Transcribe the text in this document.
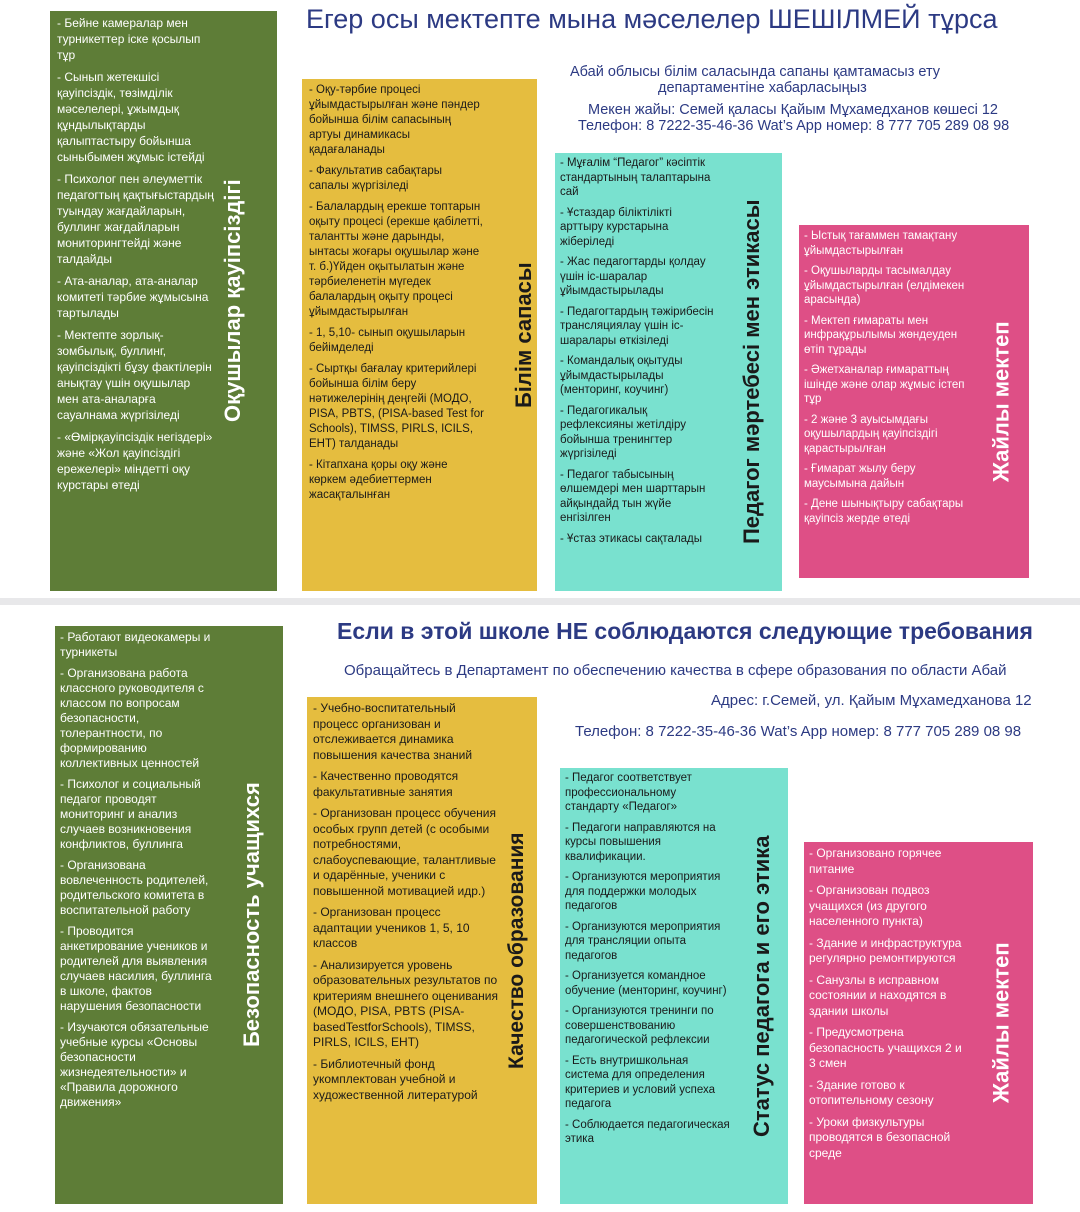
Егер осы мектепте мына мәселелер ШЕШІЛМЕЙ тұрса
Абай облысы білім саласында сапаны қамтамасыз ету
департаментіне хабарласыңыз
Мекен жайы: Семей қаласы Қайым Мұхамедханов көшесі 12
Телефон: 8 7222-35-46-36 Wat’s App номер: 8 777 705 289 08 98
- Бейне камералар мен турникеттер іске қосылып тұр
- Сынып жетекшісі қауіпсіздік, төзімділік мәселелері, ұжымдық құндылықтарды қалыптастыру бойынша сыныбымен жұмыс істейді
- Психолог пен әлеуметтік педагогтың қақтығыстардың туындау жағдайларын, буллинг жағдайларын мониторингтейді және талдайды
- Ата-аналар, ата-аналар комитеті тәрбие жұмысына тартылады
- Мектепте зорлық-зомбылық, буллинг, қауіпсіздікті бұзу фактілерін анықтау үшін оқушылар мен ата-аналарға сауалнама жүргізіледі
- «Өмірқауіпсіздік негіздері» және «Жол қауіпсіздігі ережелері» міндетті оқу курстары өтеді
Оқушылар қауіпсіздігі
- Оқу-тәрбие процесі ұйымдастырылған және пәндер бойынша білім сапасының артуы динамикасы қадағаланады
- Факультатив сабақтары сапалы жүргізіледі
- Балалардың ерекше топтарын оқыту процесі (ерекше қабілетті, талантты және дарынды, ынтасы жоғары оқушылар және т. б.)Үйден оқытылатын және тәрбиеленетін мүгедек балалардың оқыту процесі ұйымдастырылған
- 1, 5,10- сынып оқушыларын бейімделеді
- Сыртқы бағалау критерийлері бойынша білім беру нәтижелерінің деңгейі (МОДО, PISA, PBTS, (PISA-based Test for Schools), TIMSS, PIRLS, ICILS, ЕНТ) талданады
- Кітапхана қоры оқу және көркем әдебиеттермен жасақталынған
Білім сапасы
- Мұғалім “Педагог” кәсіптік стандартының талаптарына сай
- Ұстаздар біліктілікті арттыру курстарына жіберіледі
- Жас педагогтарды қолдау үшін іс-шаралар ұйымдастырылады
- Педагогтардың тәжірибесін трансляциялау үшін іс-шаралары өткізіледі
- Командалық оқытуды ұйымдастырылады (менторинг, коучинг)
- Педагогикалық рефлексияны жетілдіру бойынша тренингтер жүргізіледі
- Педагог табысының өлшемдері мен шарттарын айқындайд тын жүйе енгізілген
- Ұстаз этикасы сақталады	Педагог мәртебесі мен этикасы	- Ыстық тағаммен тамақтану ұйымдастырылған
- Оқушыларды тасымалдау ұйымдастырылған (елдімекен арасында)
- Мектеп ғимараты мен инфрақұрылымы жөндеуден өтіп тұрады
- Әжетханалар ғимараттың ішінде және олар жұмыс істеп тұр
- 2 және 3 ауысымдағы оқушылардың қауіпсіздігі қарастырылған
- Ғимарат жылу беру маусымына дайын
- Дене шынықтыру сабақтары қауіпсіз жерде өтеді
Жайлы мектеп
Если в этой школе НЕ соблюдаются следующие требования
Обращайтесь в Департамент по обеспечению качества в сфере образования по области Абай
Адрес: г.Семей, ул. Қайым Мұхамедханова 12
Телефон: 8 7222-35-46-36 Wat’s App номер: 8 777 705 289 08 98
- Работают видеокамеры и турникеты
- Организована работа классного руководителя с классом по вопросам безопасности, толерантности, по формированию коллективных ценностей
- Психолог и социальный педагог проводят мониторинг и анализ случаев возникновения конфликтов, буллинга
- Организована вовлеченность родителей, родительского комитета в воспитательной работу
- Проводится анкетирование учеников и родителей для выявления случаев насилия, буллинга в школе, фактов нарушения безопасности
- Изучаются обязательные учебные курсы «Основы безопасности жизнедеятельности» и «Правила дорожного движения»
Безопасность учащихся
- Учебно-воспитательный процесс организован и отслеживается динамика повышения качества знаний
- Качественно проводятся факультативные занятия
- Организован процесс обучения особых групп детей (с особыми потребностями, слабоуспевающие, талантливые и одарённые, ученики с повышенной мотивацией идр.)
- Организован процесс адаптации учеников 1, 5, 10 классов
- Анализируется уровень образовательных результатов по критериям внешнего оценивания (МОДО, PISA, PBTS (PISA-basedTestforSchools), TIMSS, PIRLS, ICILS, ЕНТ)
- Библиотечный фонд укомплектован учебной и художественной литературой
Качество образования
- Педагог соответствует профессиональному стандарту «Педагог»
- Педагоги направляются на курсы повышения квалификации.
- Организуются мероприятия для поддержки молодых педагогов
- Организуются мероприятия для трансляции опыта педагогов
- Организуется командное обучение (менторинг, коучинг)
- Организуются тренинги по совершенствованию педагогической рефлексии
- Есть внутришкольная система для определения критериев и условий успеха педагога
- Соблюдается педагогическая этика
Статус педагога и его этика	- Организовано горячее питание
- Организован подвоз учащихся (из другого населенного пункта)
- Здание и инфраструктура регулярно ремонтируются
- Санузлы в исправном состоянии и находятся в здании школы
- Предусмотрена безопасность учащихся 2 и 3 смен
- Здание готово к отопительному сезону
- Уроки физкультуры проводятся в безопасной среде
Жайлы мектеп
